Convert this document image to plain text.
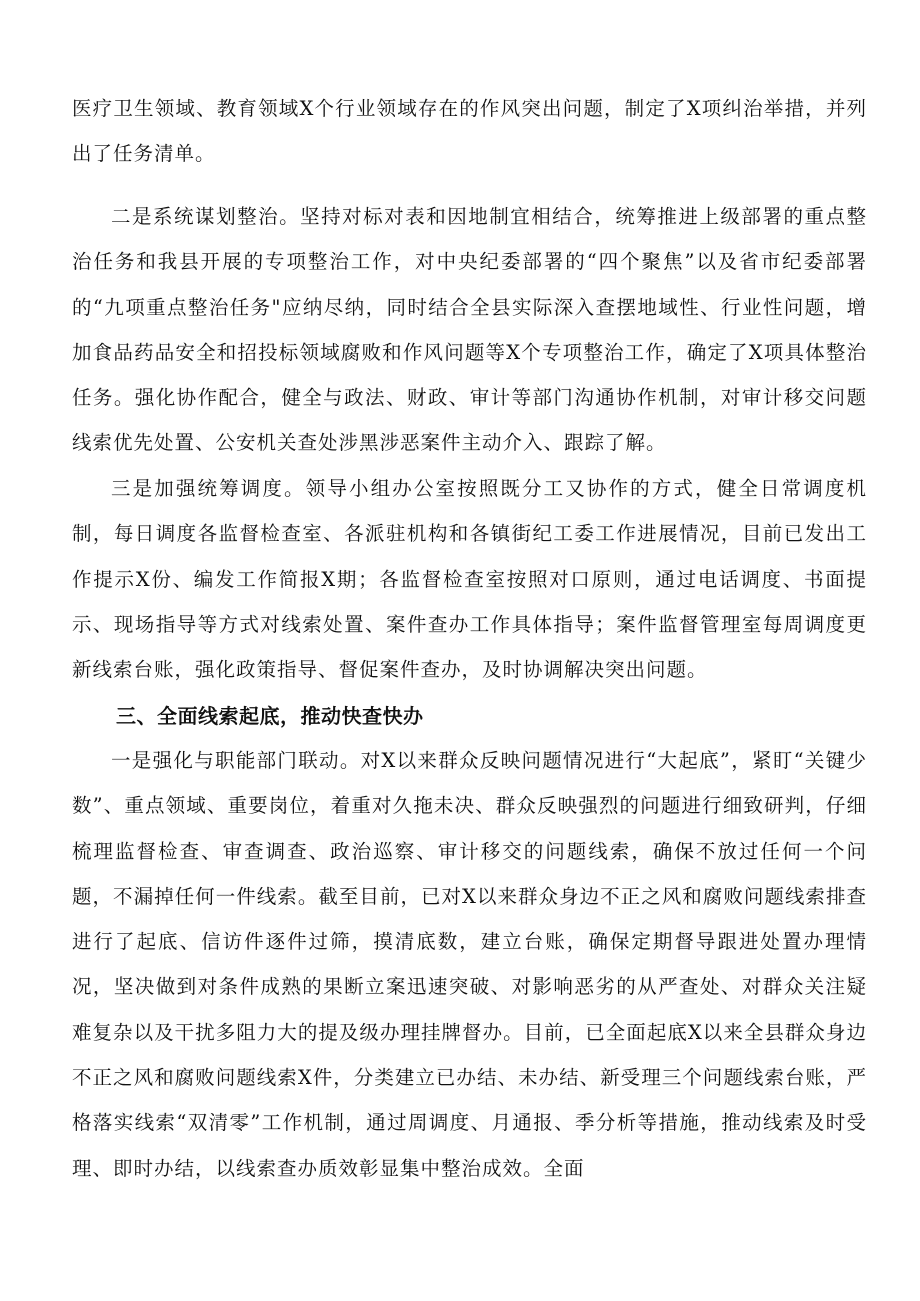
医疗卫生领域、教育领域X个行业领域存在的作风突出问题，制定了X项纠治举措，并列出了任务清单。

二是系统谋划整治。坚持对标对表和因地制宜相结合，统筹推进上级部署的重点整治任务和我县开展的专项整治工作，对中央纪委部署的“四个聚焦”以及省市纪委部署的“九项重点整治任务"应纳尽纳，同时结合全县实际深入查摆地域性、行业性问题，增加食品药品安全和招投标领域腐败和作风问题等X个专项整治工作，确定了X项具体整治任务。强化协作配合，健全与政法、财政、审计等部门沟通协作机制，对审计移交问题线索优先处置、公安机关查处涉黑涉恶案件主动介入、跟踪了解。

三是加强统筹调度。领导小组办公室按照既分工又协作的方式，健全日常调度机制，每日调度各监督检查室、各派驻机构和各镇街纪工委工作进展情况，目前已发出工作提示X份、编发工作简报X期；各监督检查室按照对口原则，通过电话调度、书面提示、现场指导等方式对线索处置、案件查办工作具体指导；案件监督管理室每周调度更新线索台账，强化政策指导、督促案件查办，及时协调解决突出问题。

三、全面线索起底，推动快查快办

一是强化与职能部门联动。对X以来群众反映问题情况进行“大起底”，紧盯“关键少数”、重点领域、重要岗位，着重对久拖未决、群众反映强烈的问题进行细致研判，仔细梳理监督检查、审查调查、政治巡察、审计移交的问题线索，确保不放过任何一个问题，不漏掉任何一件线索。截至目前，已对X以来群众身边不正之风和腐败问题线索排查进行了起底、信访件逐件过筛，摸清底数，建立台账，确保定期督导跟进处置办理情况，坚决做到对条件成熟的果断立案迅速突破、对影响恶劣的从严查处、对群众关注疑难复杂以及干扰多阻力大的提及级办理挂牌督办。目前，已全面起底X以来全县群众身边不正之风和腐败问题线索X件，分类建立已办结、未办结、新受理三个问题线索台账，严格落实线索“双清零”工作机制，通过周调度、月通报、季分析等措施，推动线索及时受理、即时办结，以线索查办质效彰显集中整治成效。全面
